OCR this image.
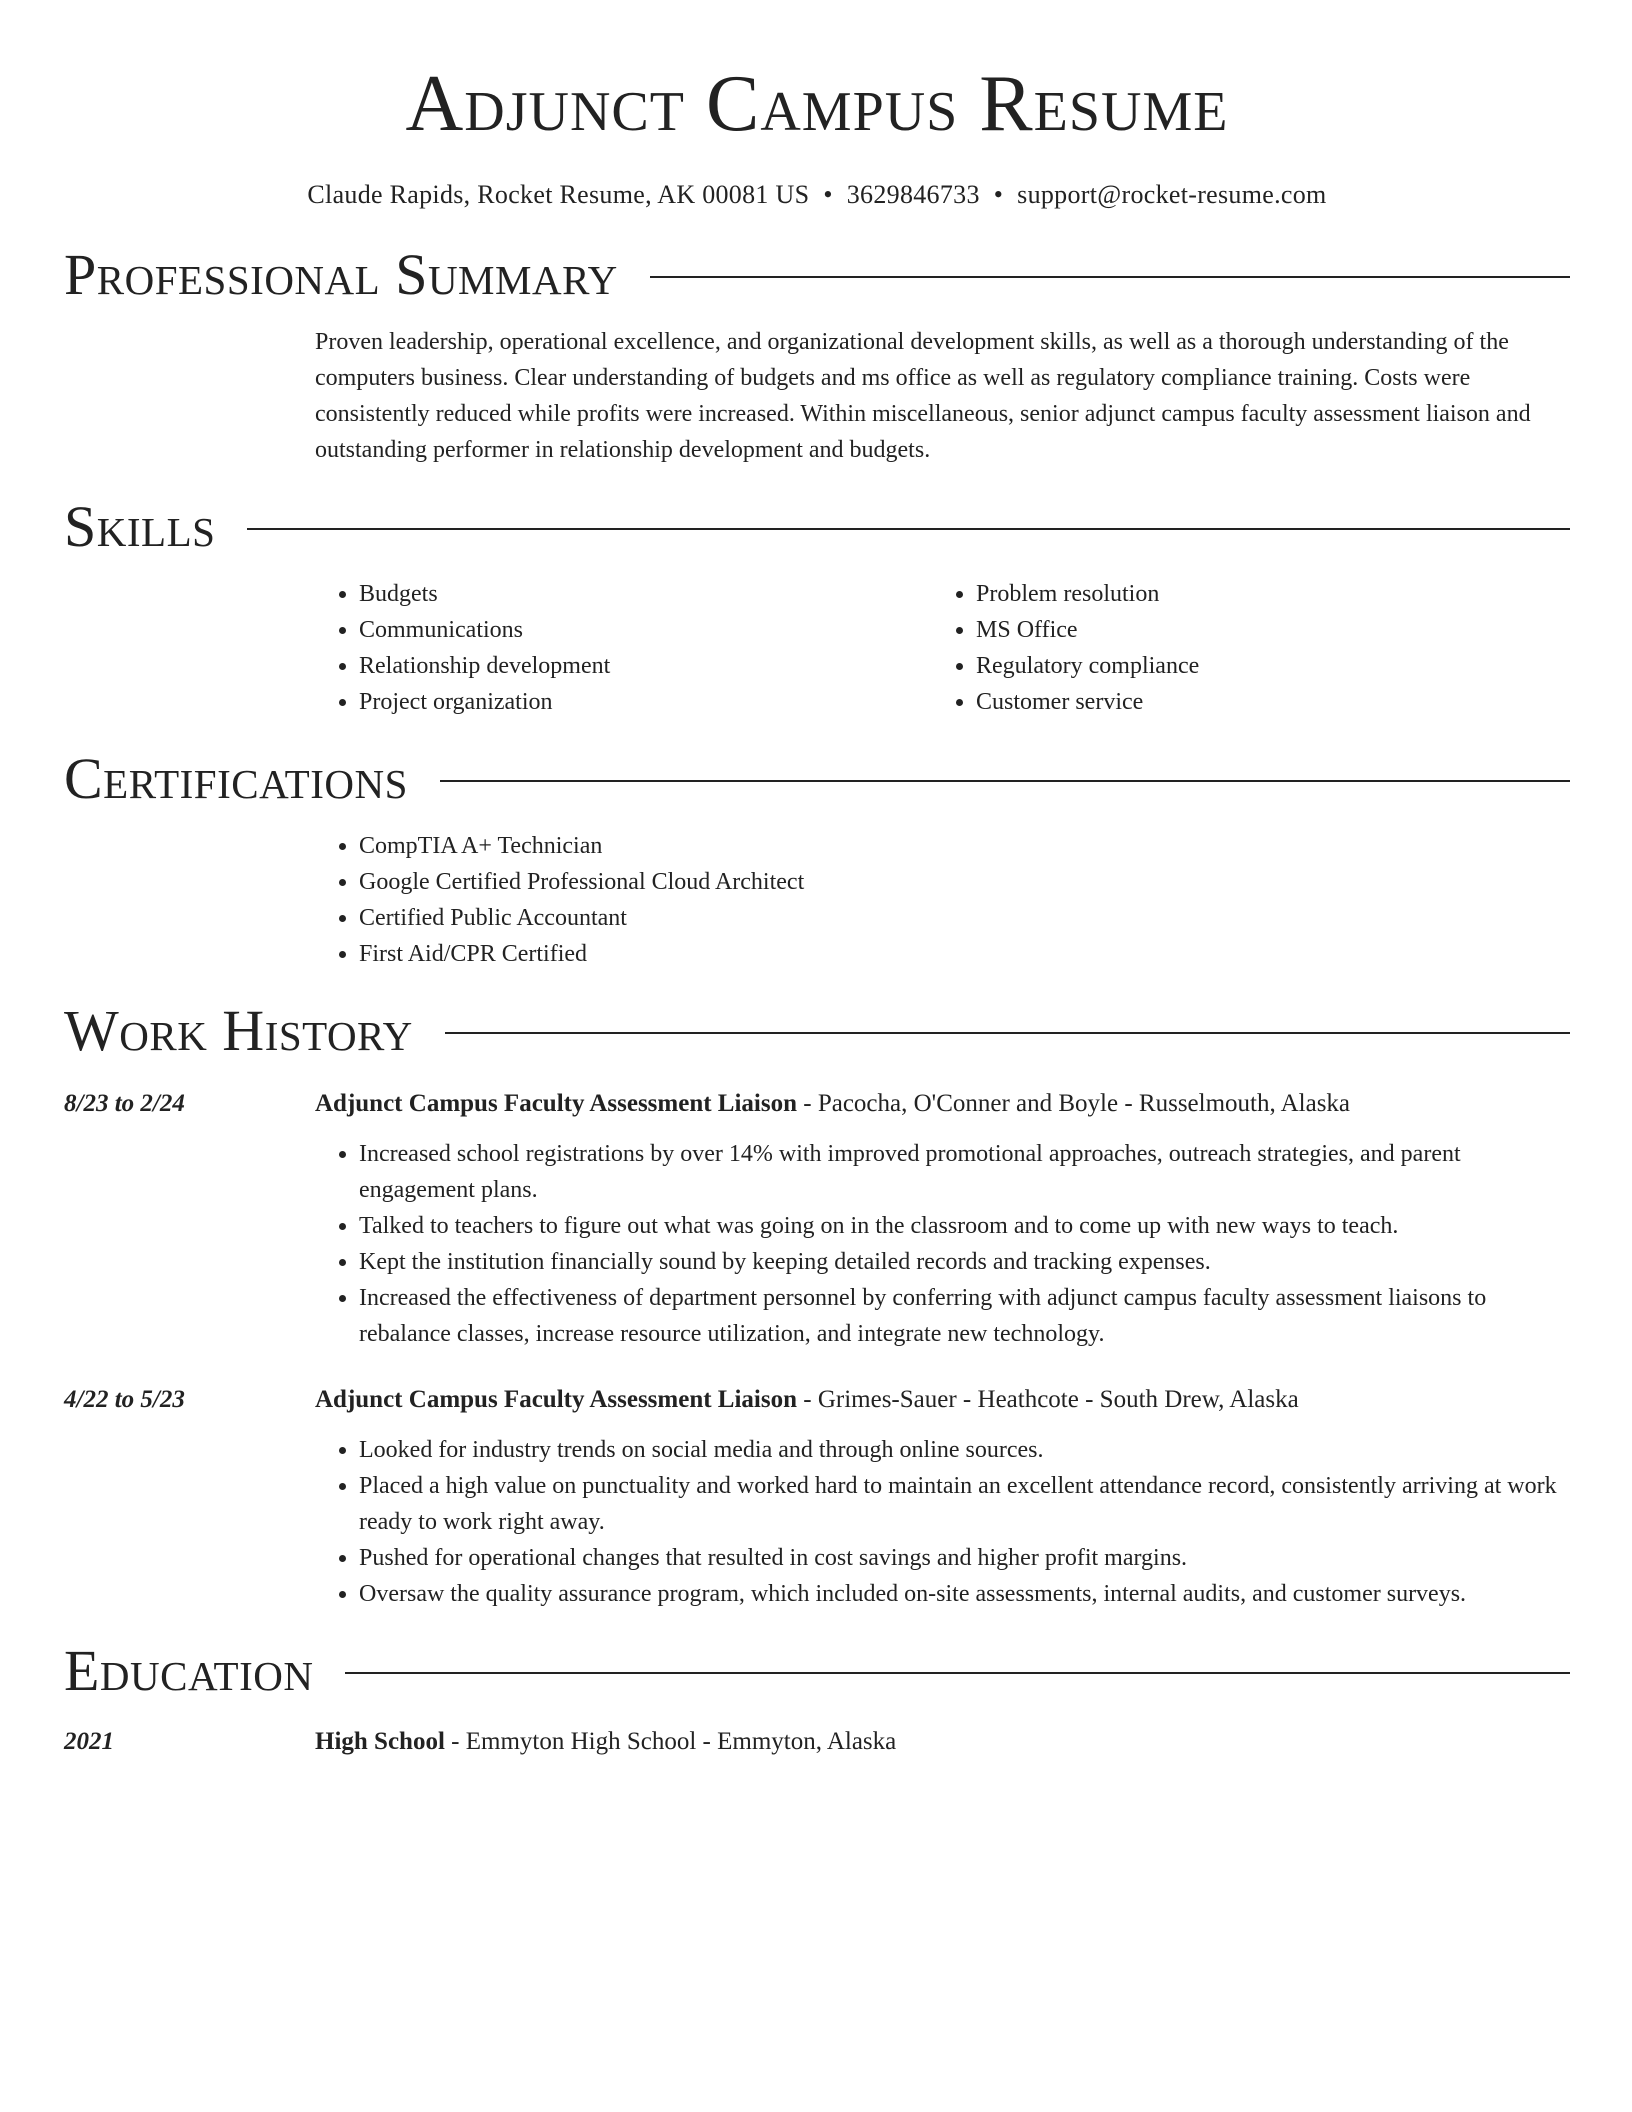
Adjunct Campus Resume
Claude Rapids, Rocket Resume, AK 00081 US • 3629846733 • support@rocket-resume.com
Professional Summary
Proven leadership, operational excellence, and organizational development skills, as well as a thorough understanding of the computers business. Clear understanding of budgets and ms office as well as regulatory compliance training. Costs were consistently reduced while profits were increased. Within miscellaneous, senior adjunct campus faculty assessment liaison and outstanding performer in relationship development and budgets.
Skills
• Budgets
• Communications
• Relationship development
• Project organization
• Problem resolution
• MS Office
• Regulatory compliance
• Customer service
Certifications
• CompTIA A+ Technician
• Google Certified Professional Cloud Architect
• Certified Public Accountant
• First Aid/CPR Certified
Work History
8/23 to 2/24	Adjunct Campus Faculty Assessment Liaison - Pacocha, O'Conner and Boyle - Russelmouth, Alaska
• Increased school registrations by over 14% with improved promotional approaches, outreach strategies, and parent engagement plans.
• Talked to teachers to figure out what was going on in the classroom and to come up with new ways to teach.
• Kept the institution financially sound by keeping detailed records and tracking expenses.
• Increased the effectiveness of department personnel by conferring with adjunct campus faculty assessment liaisons to rebalance classes, increase resource utilization, and integrate new technology.
4/22 to 5/23	Adjunct Campus Faculty Assessment Liaison - Grimes-Sauer - Heathcote - South Drew, Alaska
• Looked for industry trends on social media and through online sources.
• Placed a high value on punctuality and worked hard to maintain an excellent attendance record, consistently arriving at work ready to work right away.
• Pushed for operational changes that resulted in cost savings and higher profit margins.
• Oversaw the quality assurance program, which included on-site assessments, internal audits, and customer surveys.
Education
2021	High School - Emmyton High School - Emmyton, Alaska
